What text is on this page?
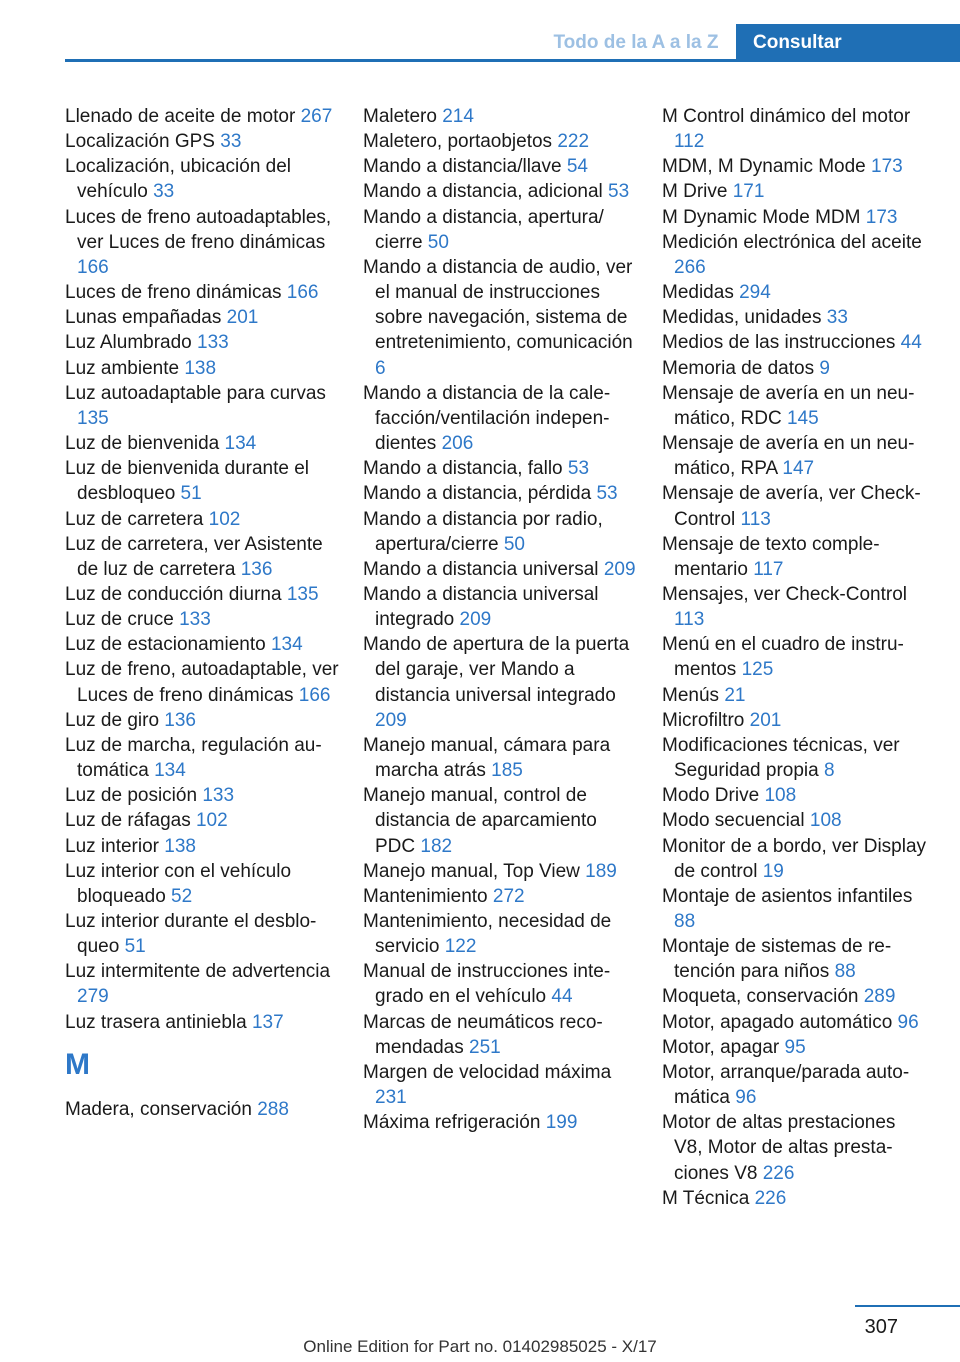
Todo de la A a la Z	Consultar
Llenado de aceite de motor 267
Localización GPS 33
Localización, ubicación del vehículo 33
Luces de freno autoadaptables, ver Luces de freno dinámicas 166
Luces de freno dinámicas 166
Lunas empañadas 201
Luz Alumbrado 133
Luz ambiente 138
Luz autoadaptable para curvas 135
Luz de bienvenida 134
Luz de bienvenida durante el desbloqueo 51
Luz de carretera 102
Luz de carretera, ver Asistente de luz de carretera 136
Luz de conducción diurna 135
Luz de cruce 133
Luz de estacionamiento 134
Luz de freno, autoadaptable, ver Luces de freno dinámicas 166
Luz de giro 136
Luz de marcha, regulación automática 134
Luz de posición 133
Luz de ráfagas 102
Luz interior 138
Luz interior con el vehículo bloqueado 52
Luz interior durante el desbloqueo 51
Luz intermitente de advertencia 279
Luz trasera antiniebla 137
M
Madera, conservación 288
Maletero 214
Maletero, portaobjetos 222
Mando a distancia/llave 54
Mando a distancia, adicional 53
Mando a distancia, apertura/​cierre 50
Mando a distancia de audio, ver el manual de instrucciones sobre navegación, sistema de entretenimiento, comunicación 6
Mando a distancia de la calefacción/ventilación independientes 206
Mando a distancia, fallo 53
Mando a distancia, pérdida 53
Mando a distancia por radio, apertura/cierre 50
Mando a distancia universal 209
Mando a distancia universal integrado 209
Mando de apertura de la puerta del garaje, ver Mando a distancia universal integrado 209
Manejo manual, cámara para marcha atrás 185
Manejo manual, control de distancia de aparcamiento PDC 182
Manejo manual, Top View 189
Mantenimiento 272
Mantenimiento, necesidad de servicio 122
Manual de instrucciones integrado en el vehículo 44
Marcas de neumáticos recomendadas 251
Margen de velocidad máxima 231
Máxima refrigeración 199
M Control dinámico del motor 112
MDM, M Dynamic Mode 173
M Drive 171
M Dynamic Mode MDM 173
Medición electrónica del aceite 266
Medidas 294
Medidas, unidades 33
Medios de las instrucciones 44
Memoria de datos 9
Mensaje de avería en un neumático, RDC 145
Mensaje de avería en un neumático, RPA 147
Mensaje de avería, ver Check-Control 113
Mensaje de texto complementario 117
Mensajes, ver Check-Control 113
Menú en el cuadro de instrumentos 125
Menús 21
Microfiltro 201
Modificaciones técnicas, ver Seguridad propia 8
Modo Drive 108
Modo secuencial 108
Monitor de a bordo, ver Display de control 19
Montaje de asientos infantiles 88
Montaje de sistemas de retención para niños 88
Moqueta, conservación 289
Motor, apagado automático 96
Motor, apagar 95
Motor, arranque/parada automática 96
Motor de altas prestaciones V8, Motor de altas prestaciones V8 226
M Técnica 226
307
Online Edition for Part no. 01402985025 - X/17
